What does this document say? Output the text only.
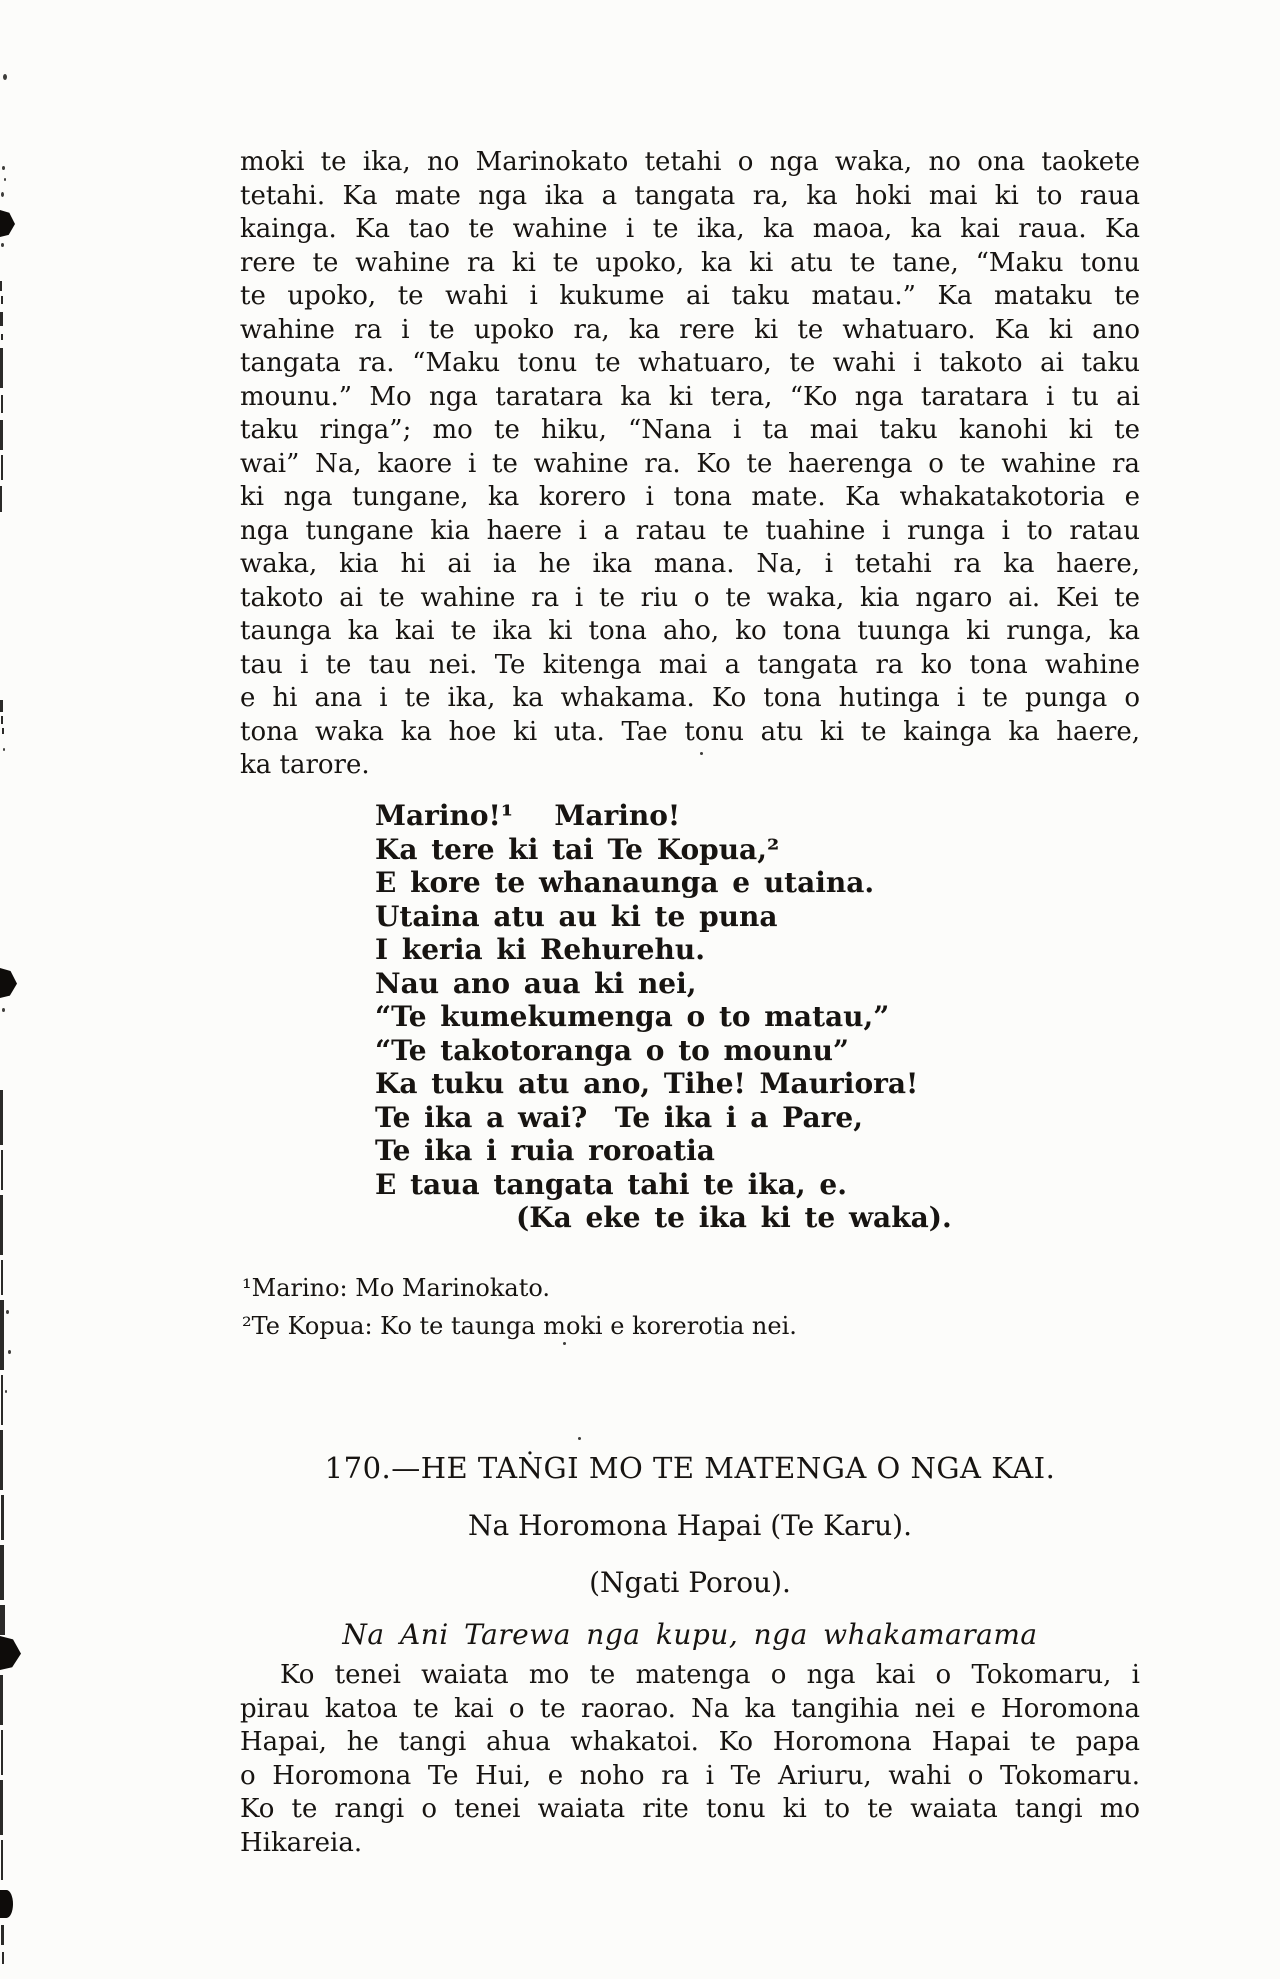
moki te ika, no Marinokato tetahi o nga waka, no ona taokete
tetahi. Ka mate nga ika a tangata ra, ka hoki mai ki to raua
kainga. Ka tao te wahine i te ika, ka maoa, ka kai raua. Ka
rere te wahine ra ki te upoko, ka ki atu te tane, “Maku tonu
te upoko, te wahi i kukume ai taku matau.” Ka mataku te
wahine ra i te upoko ra, ka rere ki te whatuaro. Ka ki ano
tangata ra. “Maku tonu te whatuaro, te wahi i takoto ai taku
mounu.” Mo nga taratara ka ki tera, “Ko nga taratara i tu ai
taku ringa”; mo te hiku, “Nana i ta mai taku kanohi ki te
wai” Na, kaore i te wahine ra. Ko te haerenga o te wahine ra
ki nga tungane, ka korero i tona mate. Ka whakatakotoria e
nga tungane kia haere i a ratau te tuahine i runga i to ratau
waka, kia hi ai ia he ika mana. Na, i tetahi ra ka haere,
takoto ai te wahine ra i te riu o te waka, kia ngaro ai. Kei te
taunga ka kai te ika ki tona aho, ko tona tuunga ki runga, ka
tau i te tau nei. Te kitenga mai a tangata ra ko tona wahine
e hi ana i te ika, ka whakama. Ko tona hutinga i te punga o
tona waka ka hoe ki uta. Tae tonu atu ki te kainga ka haere,
ka tarore.
Marino!¹   Marino!
Ka tere ki tai Te Kopua,²
E kore te whanaunga e utaina.
Utaina atu au ki te puna
I keria ki Rehurehu.
Nau ano aua ki nei,
“Te kumekumenga o to matau,”
“Te takotoranga o to mounu”
Ka tuku atu ano, Tihe! Mauriora!
Te ika a wai?  Te ika i a Pare,
Te ika i ruia roroatia
E taua tangata tahi te ika, e.
(Ka eke te ika ki te waka).
¹Marino: Mo Marinokato.
²Te Kopua: Ko te taunga moki e korerotia nei.
170.—HE TAṄGI MO TE MATENGA O NGA KAI.
Na Horomona Hapai (Te Karu).
(Ngati Porou).
Na Ani Tarewa nga kupu, nga whakamarama
Ko tenei waiata mo te matenga o nga kai o Tokomaru, i
pirau katoa te kai o te raorao. Na ka tangihia nei e Horomona
Hapai, he tangi ahua whakatoi. Ko Horomona Hapai te papa
o Horomona Te Hui, e noho ra i Te Ariuru, wahi o Tokomaru.
Ko te rangi o tenei waiata rite tonu ki to te waiata tangi mo
Hikareia.
